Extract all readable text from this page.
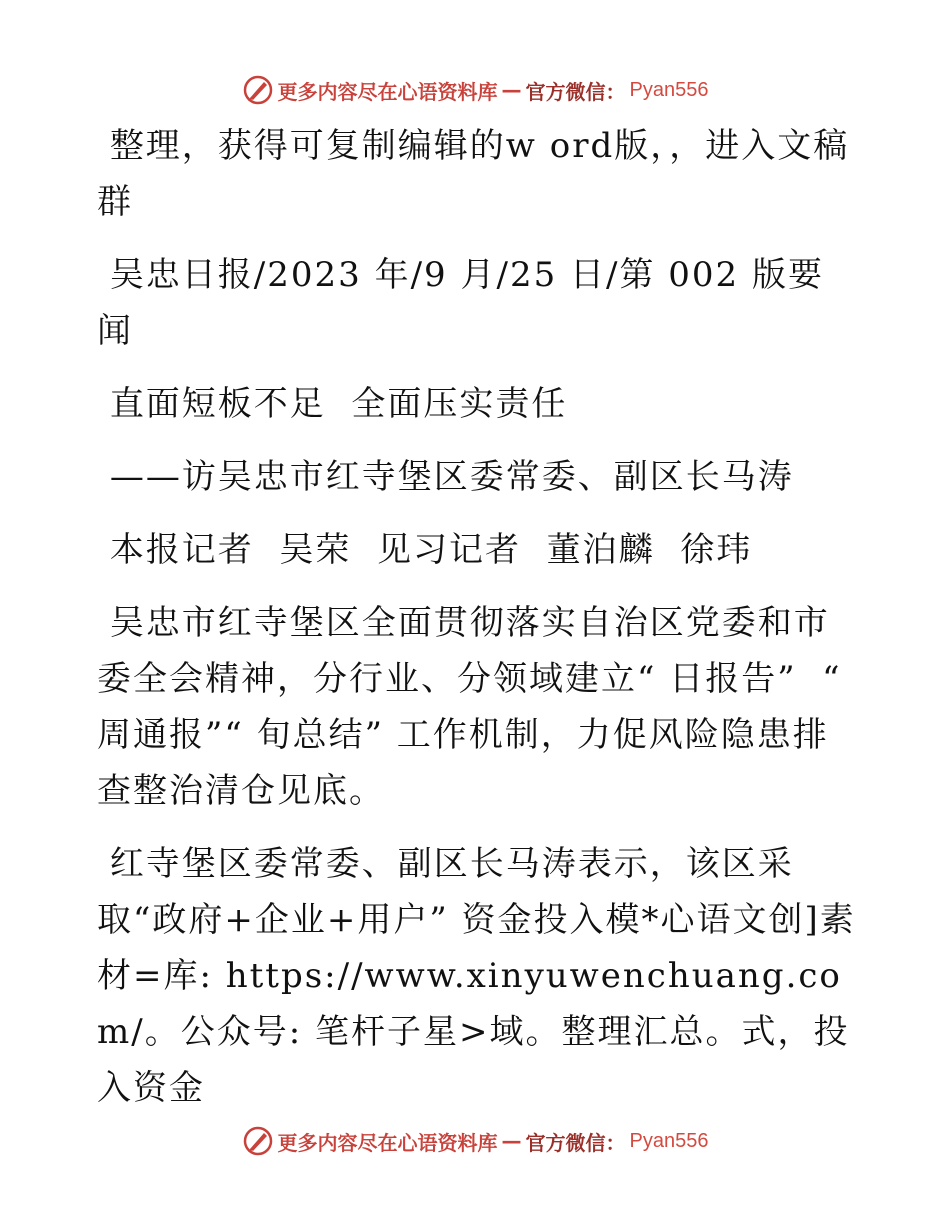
更多内容尽在心语资料库 — 官方微信： Pyan556

整理，获得可复制编辑的w ord版，，进入文稿群

吴忠日报/2023 年/9 月/25 日/第 002 版要闻

直面短板不足  全面压实责任

——访吴忠市红寺堡区委常委、副区长马涛

本报记者  吴荣  见习记者  董泊麟  徐玮

吴忠市红寺堡区全面贯彻落实自治区党委和市委全会精神，分行业、分领域建立“ 日报告”  “ 周通报”“ 旬总结” 工作机制，力促风险隐患排查整治清仓见底。

红寺堡区委常委、副区长马涛表示，该区采取“政府+企业+用户” 资金投入模*心语文创]素材=库: https://www.xinyuwenchuang.com/。公众号: 笔杆子星>域。整理汇总。式，投入资金

更多内容尽在心语资料库 — 官方微信： Pyan556
